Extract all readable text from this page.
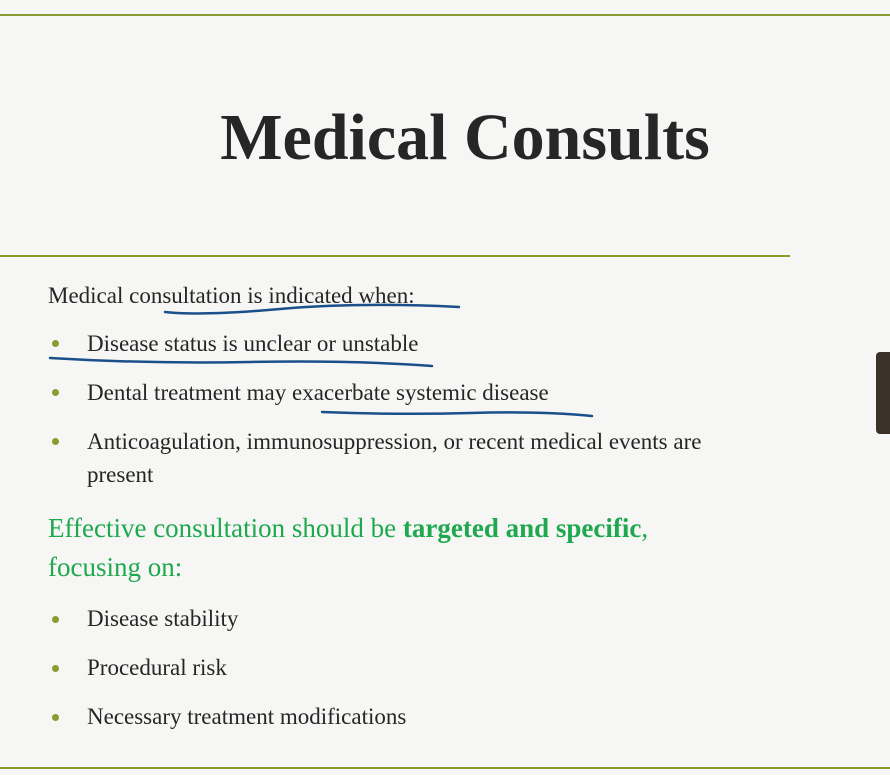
Medical Consults
Medical consultation is indicated when:
Disease status is unclear or unstable
Dental treatment may exacerbate systemic disease
Anticoagulation, immunosuppression, or recent medical events are
present
Effective consultation should be targeted and specific,
focusing on:
Disease stability
Procedural risk
Necessary treatment modifications
